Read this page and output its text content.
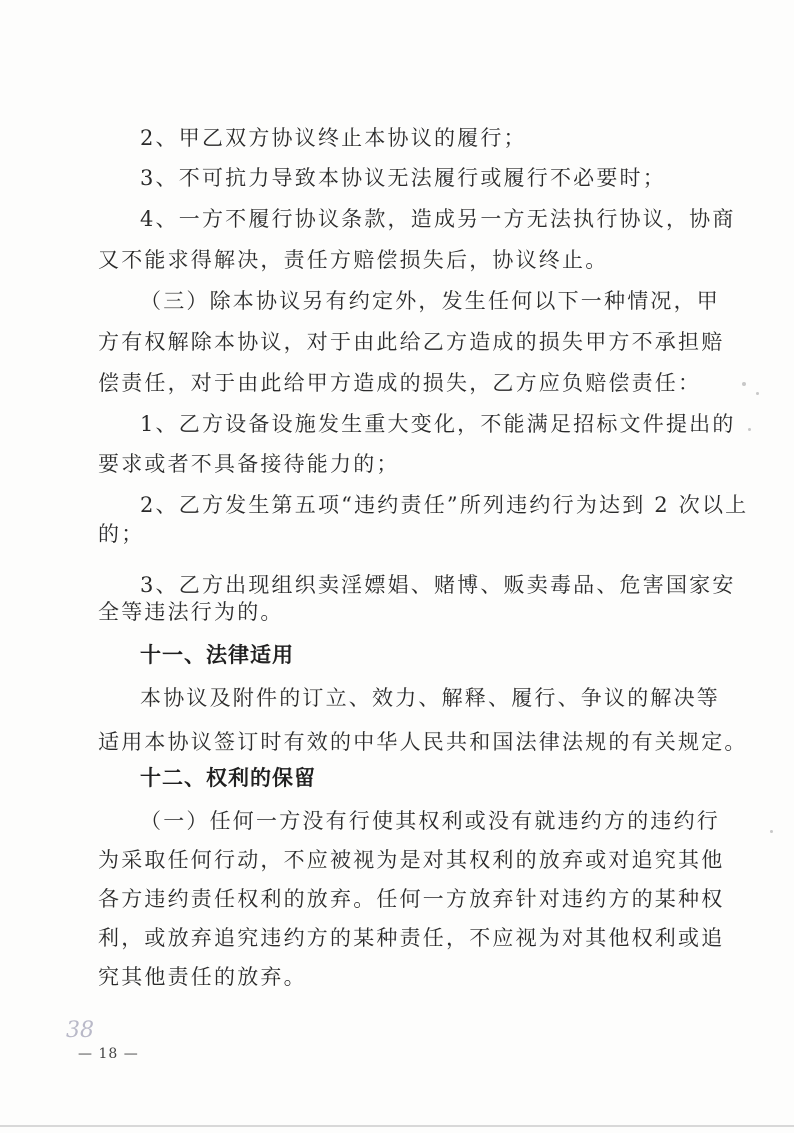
2、甲乙双方协议终止本协议的履行；
3、不可抗力导致本协议无法履行或履行不必要时；
4、一方不履行协议条款，造成另一方无法执行协议，协商
又不能求得解决，责任方赔偿损失后，协议终止。
（三）除本协议另有约定外，发生任何以下一种情况，甲
方有权解除本协议，对于由此给乙方造成的损失甲方不承担赔
偿责任，对于由此给甲方造成的损失，乙方应负赔偿责任：
1、乙方设备设施发生重大变化，不能满足招标文件提出的
要求或者不具备接待能力的；
2、乙方发生第五项“违约责任”所列违约行为达到 2 次以上
的；
3、乙方出现组织卖淫嫖娼、赌博、贩卖毒品、危害国家安
全等违法行为的。
十一、法律适用
本协议及附件的订立、效力、解释、履行、争议的解决等
适用本协议签订时有效的中华人民共和国法律法规的有关规定。
十二、权利的保留
（一）任何一方没有行使其权利或没有就违约方的违约行
为采取任何行动，不应被视为是对其权利的放弃或对追究其他
各方违约责任权利的放弃。任何一方放弃针对违约方的某种权
利，或放弃追究违约方的某种责任，不应视为对其他权利或追
究其他责任的放弃。
38
— 18 —
